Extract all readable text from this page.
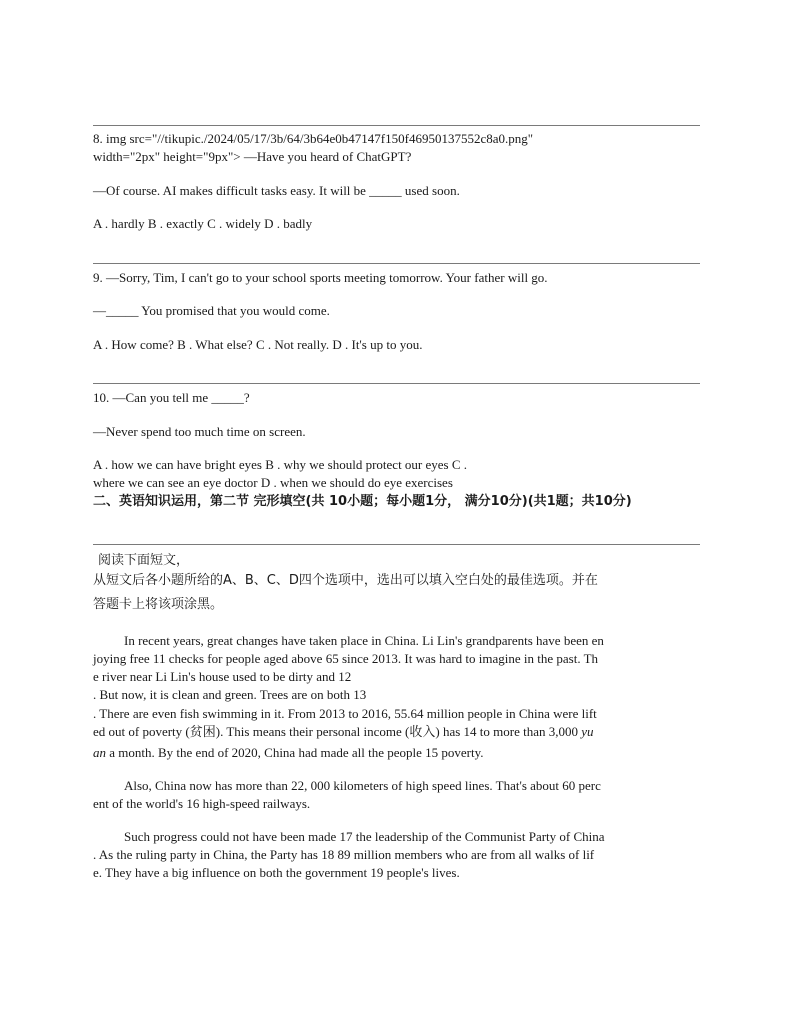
8. img src="//tikupic./2024/05/17/3b/64/3b64e0b47147f150f46950137552c8a0.png"
width="2px" height="9px"> —Have you heard of ChatGPT?
—Of course. AI makes difficult tasks easy. It will be _____ used soon.
A . hardly B . exactly C . widely D . badly
9. —Sorry, Tim, I can't go to your school sports meeting tomorrow. Your father will go.
—_____ You promised that you would come.
A . How come? B . What else? C . Not really. D . It's up to you.
10. —Can you tell me _____?
—Never spend too much time on screen.
A . how we can have bright eyes B . why we should protect our eyes C .
where we can see an eye doctor D . when we should do eye exercises
二、英语知识运用，第二节 完形填空(共 10小题；每小题1分， 满分10分)(共1题；共10分)
阅读下面短文，
从短文后各小题所给的A、B、C、D四个选项中，选出可以填入空白处的最佳选项。并在
答题卡上将该项涂黑。
In recent years, great changes have taken place in China. Li Lin's grandparents have been en
joying free 11 checks for people aged above 65 since 2013. It was hard to imagine in the past. Th
e river near Li Lin's house used to be dirty and 12
. But now, it is clean and green. Trees are on both 13
. There are even fish swimming in it. From 2013 to 2016, 55.64 million people in China were lift
ed out of poverty (贫困). This means their personal income (收入) has 14 to more than 3,000 yu
an a month. By the end of 2020, China had made all the people 15 poverty.
Also, China now has more than 22, 000 kilometers of high speed lines. That's about 60 perc
ent of the world's 16 high-speed railways.
Such progress could not have been made 17 the leadership of the Communist Party of China
. As the ruling party in China, the Party has 18 89 million members who are from all walks of lif
e. They have a big influence on both the government 19 people's lives.
